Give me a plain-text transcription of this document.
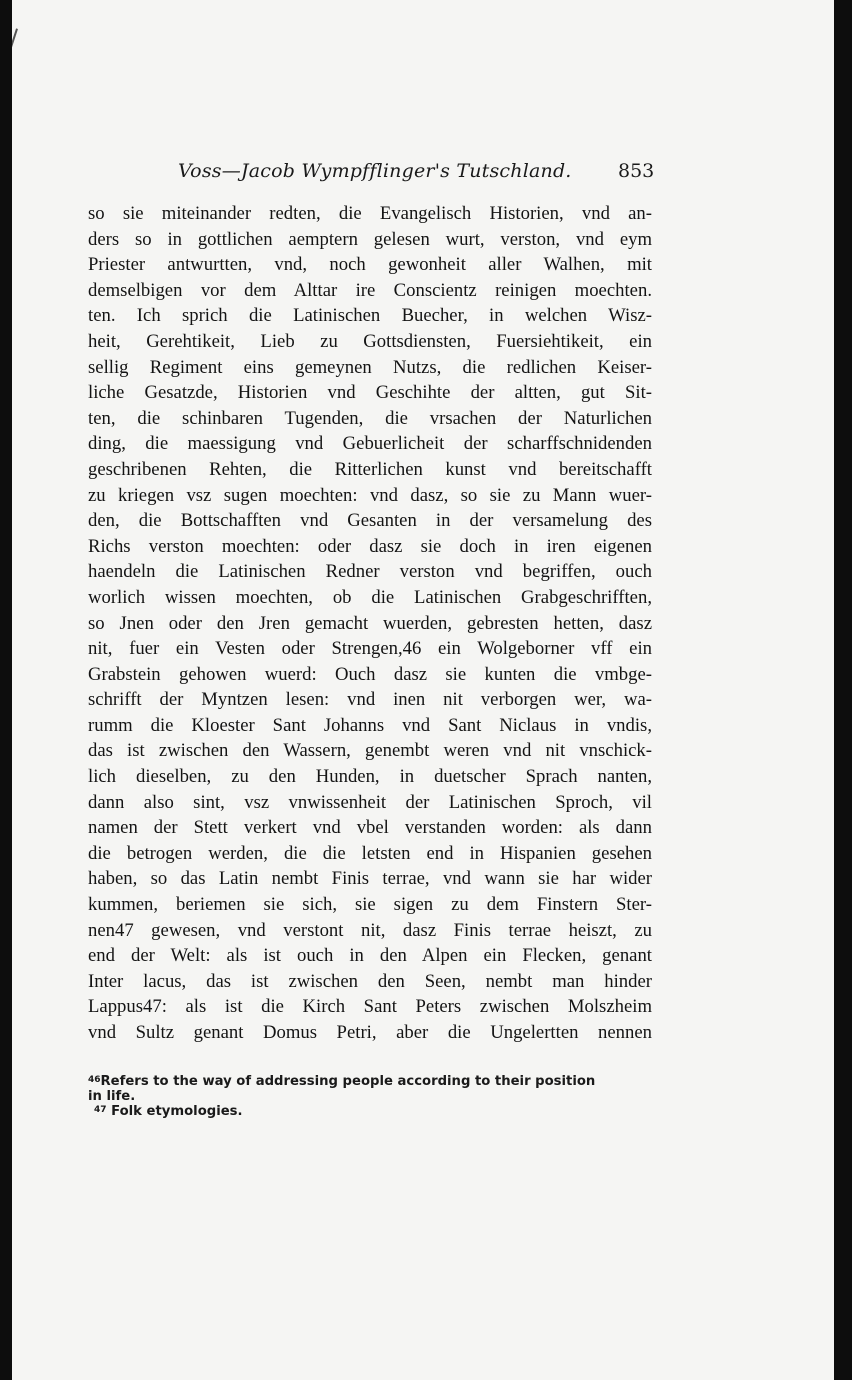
Voss—Jacob Wympfflinger's Tutschland. 853
so sie miteinander redten, die Evangelisch Historien, vnd an-
ders so in gottlichen aemptern gelesen wurt, verston, vnd eym
Priester antwurtten, vnd, noch gewonheit aller Walhen, mit
demselbigen vor dem Alttar ire Conscientz reinigen moechten.
ten. Ich sprich die Latinischen Buecher, in welchen Wisz-
heit, Gerehtikeit, Lieb zu Gottsdiensten, Fuersiehtikeit, ein
sellig Regiment eins gemeynen Nutzs, die redlichen Keiser-
liche Gesatzde, Historien vnd Geschihte der altten, gut Sit-
ten, die schinbaren Tugenden, die vrsachen der Naturlichen
ding, die maessigung vnd Gebuerlicheit der scharffschnidenden
geschribenen Rehten, die Ritterlichen kunst vnd bereitschafft
zu kriegen vsz sugen moechten: vnd dasz, so sie zu Mann wuer-
den, die Bottschafften vnd Gesanten in der versamelung des
Richs verston moechten: oder dasz sie doch in iren eigenen
haendeln die Latinischen Redner verston vnd begriffen, ouch
worlich wissen moechten, ob die Latinischen Grabgeschrifften,
so Jnen oder den Jren gemacht wuerden, gebresten hetten, dasz
nit, fuer ein Vesten oder Strengen,46 ein Wolgeborner vff ein
Grabstein gehowen wuerd: Ouch dasz sie kunten die vmbge-
schrifft der Myntzen lesen: vnd inen nit verborgen wer, wa-
rumm die Kloester Sant Johanns vnd Sant Niclaus in vndis,
das ist zwischen den Wassern, genembt weren vnd nit vnschick-
lich dieselben, zu den Hunden, in duetscher Sprach nanten,
dann also sint, vsz vnwissenheit der Latinischen Sproch, vil
namen der Stett verkert vnd vbel verstanden worden: als dann
die betrogen werden, die die letsten end in Hispanien gesehen
haben, so das Latin nembt Finis terrae, vnd wann sie har wider
kummen, beriemen sie sich, sie sigen zu dem Finstern Ster-
nen47 gewesen, vnd verstont nit, dasz Finis terrae heiszt, zu
end der Welt: als ist ouch in den Alpen ein Flecken, genant
Inter lacus, das ist zwischen den Seen, nembt man hinder
Lappus47: als ist die Kirch Sant Peters zwischen Molszheim
vnd Sultz genant Domus Petri, aber die Ungelertten nennen

$^{46}$Refers to the way of addressing people according to their position

in life.

$^{47}$ Folk etymologies.
